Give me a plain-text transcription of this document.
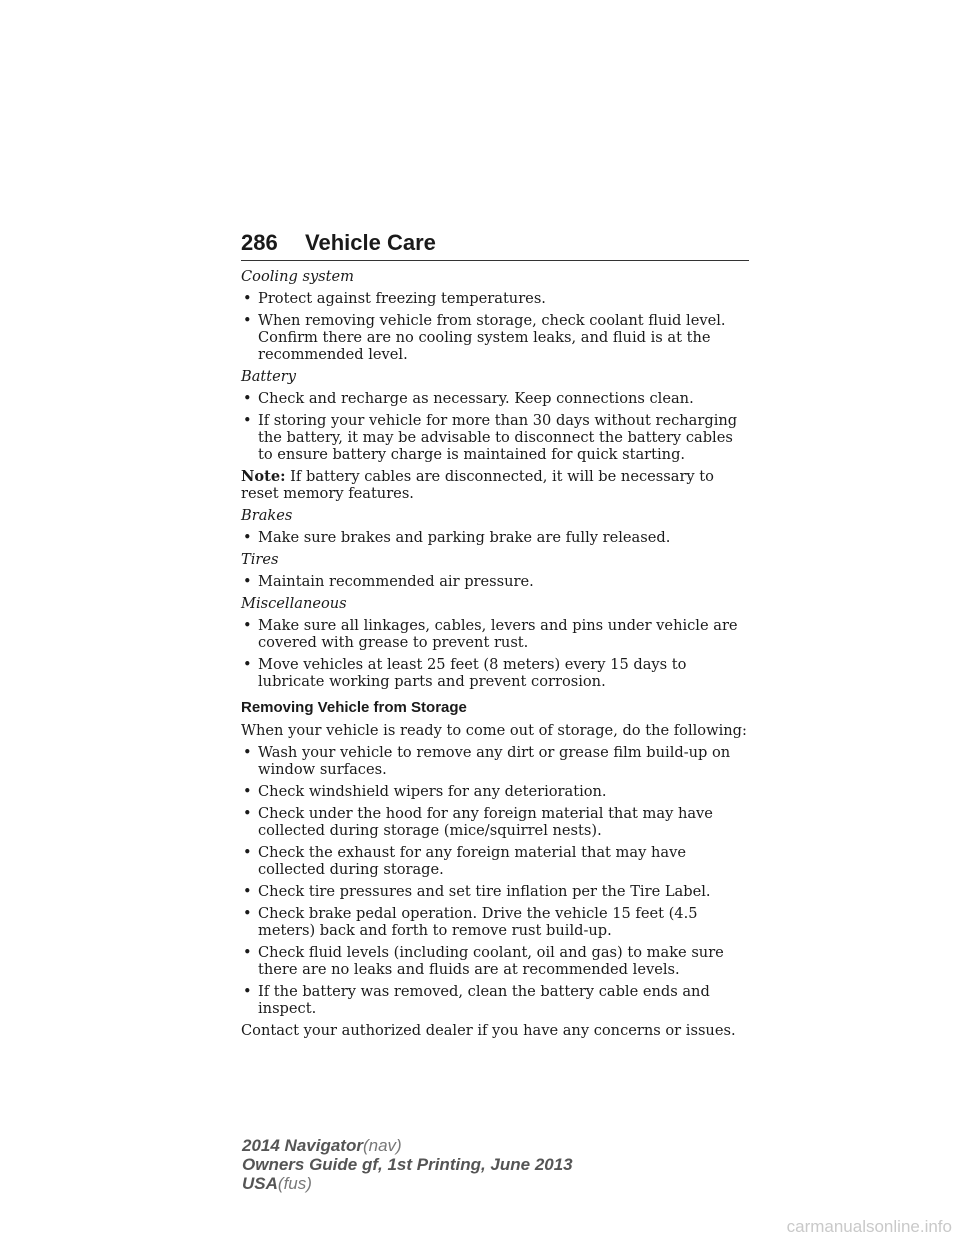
286 Vehicle Care

Cooling system

• Protect against freezing temperatures.
• When removing vehicle from storage, check coolant fluid level. Confirm there are no cooling system leaks, and fluid is at the recommended level.

Battery

• Check and recharge as necessary. Keep connections clean.
• If storing your vehicle for more than 30 days without recharging the battery, it may be advisable to disconnect the battery cables to ensure battery charge is maintained for quick starting.

Note: If battery cables are disconnected, it will be necessary to reset memory features.

Brakes

• Make sure brakes and parking brake are fully released.

Tires

• Maintain recommended air pressure.

Miscellaneous

• Make sure all linkages, cables, levers and pins under vehicle are covered with grease to prevent rust.
• Move vehicles at least 25 feet (8 meters) every 15 days to lubricate working parts and prevent corrosion.
Removing Vehicle from Storage

When your vehicle is ready to come out of storage, do the following:

• Wash your vehicle to remove any dirt or grease film build-up on window surfaces.
• Check windshield wipers for any deterioration.
• Check under the hood for any foreign material that may have collected during storage (mice/squirrel nests).
• Check the exhaust for any foreign material that may have collected during storage.
• Check tire pressures and set tire inflation per the Tire Label.
• Check brake pedal operation. Drive the vehicle 15 feet (4.5 meters) back and forth to remove rust build-up.
• Check fluid levels (including coolant, oil and gas) to make sure there are no leaks and fluids are at recommended levels.
• If the battery was removed, clean the battery cable ends and inspect.

Contact your authorized dealer if you have any concerns or issues.

2014 Navigator(nav)
Owners Guide gf, 1st Printing, June 2013
USA(fus)
carmanualsonline.info
